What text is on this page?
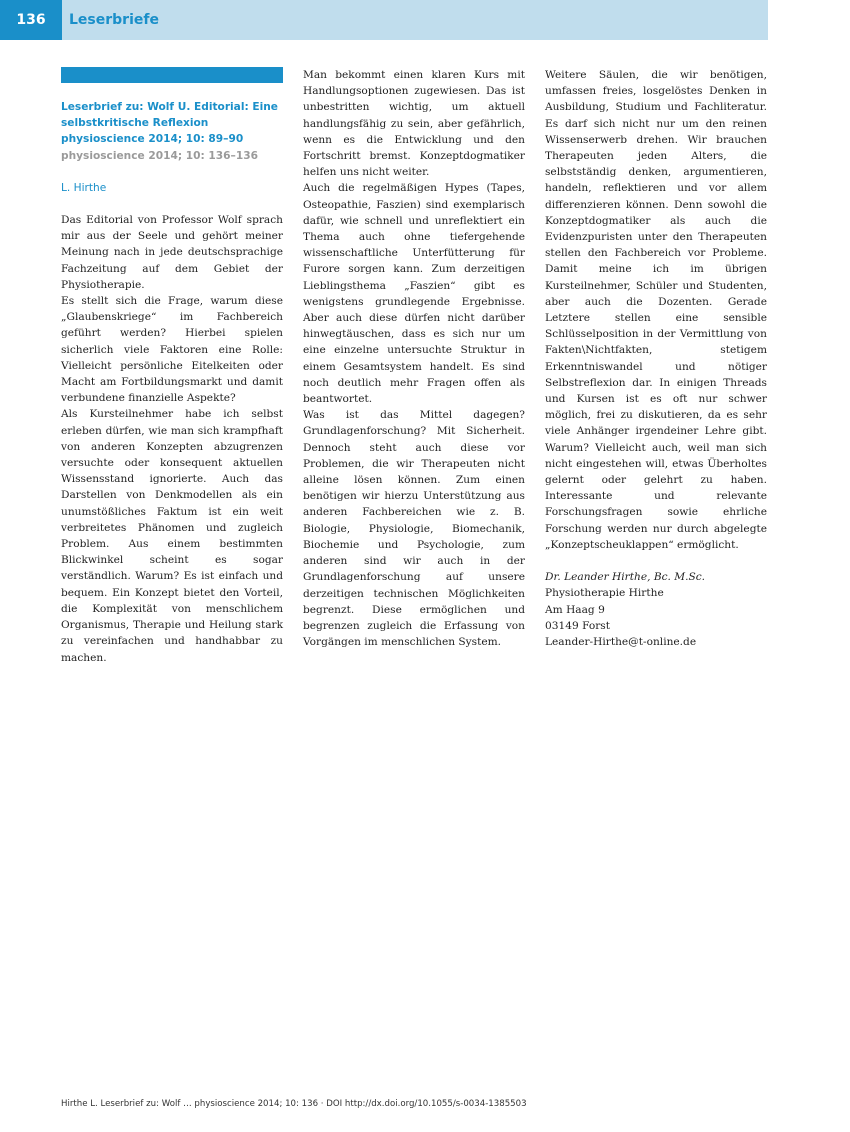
136	Leserbriefe

Leserbrief zu: Wolf U. Editorial: Eine selbstkritische Reflexion physioscience 2014; 10: 89–90

physioscience 2014; 10: 136–136

L. Hirthe

Das Editorial von Professor Wolf sprach mir aus der Seele und gehört meiner Meinung nach in jede deutschsprachige Fachzeitung auf dem Gebiet der Physiotherapie.

Es stellt sich die Frage, warum diese „Glaubenskriege“ im Fachbereich geführt werden? Hierbei spielen sicherlich viele Faktoren eine Rolle: Vielleicht persönliche Eitelkeiten oder Macht am Fortbildungsmarkt und damit verbundene finanzielle Aspekte?

Als Kursteilnehmer habe ich selbst erleben dürfen, wie man sich krampfhaft von anderen Konzepten abzugrenzen versuchte oder konsequent aktuellen Wissensstand ignorierte. Auch das Darstellen von Denkmodellen als ein unumstößliches Faktum ist ein weit verbreitetes Phänomen und zugleich Problem. Aus einem bestimmten Blickwinkel scheint es sogar verständlich. Warum? Es ist einfach und bequem. Ein Konzept bietet den Vorteil, die Komplexität von menschlichem Organismus, Therapie und Heilung stark zu vereinfachen und handhabbar zu machen.

Man bekommt einen klaren Kurs mit Handlungsoptionen zugewiesen. Das ist unbestritten wichtig, um aktuell handlungsfähig zu sein, aber gefährlich, wenn es die Entwicklung und den Fortschritt bremst. Konzeptdogmatiker helfen uns nicht weiter.

Auch die regelmäßigen Hypes (Tapes, Osteopathie, Faszien) sind exemplarisch dafür, wie schnell und unreflektiert ein Thema auch ohne tiefergehende wissenschaftliche Unterfütterung für Furore sorgen kann. Zum derzeitigen Lieblingsthema „Faszien“ gibt es wenigstens grundlegende Ergebnisse. Aber auch diese dürfen nicht darüber hinwegtäuschen, dass es sich nur um eine einzelne untersuchte Struktur in einem Gesamtsystem handelt. Es sind noch deutlich mehr Fragen offen als beantwortet.

Was ist das Mittel dagegen? Grundlagenforschung? Mit Sicherheit. Dennoch steht auch diese vor Problemen, die wir Therapeuten nicht alleine lösen können. Zum einen benötigen wir hierzu Unterstützung aus anderen Fachbereichen wie z. B. Biologie, Physiologie, Biomechanik, Biochemie und Psychologie, zum anderen sind wir auch in der Grundlagenforschung auf unsere derzeitigen technischen Möglichkeiten begrenzt. Diese ermöglichen und begrenzen zugleich die Erfassung von Vorgängen im menschlichen System.

Weitere Säulen, die wir benötigen, umfassen freies, losgelöstes Denken in Ausbildung, Studium und Fachliteratur. Es darf sich nicht nur um den reinen Wissenserwerb drehen. Wir brauchen Therapeuten jeden Alters, die selbstständig denken, argumentieren, handeln, reflektieren und vor allem differenzieren können. Denn sowohl die Konzeptdogmatiker als auch die Evidenzpuristen unter den Therapeuten stellen den Fachbereich vor Probleme. Damit meine ich im übrigen Kursteilnehmer, Schüler und Studenten, aber auch die Dozenten. Gerade Letztere stellen eine sensible Schlüsselposition in der Vermittlung von Fakten\Nichtfakten, stetigem Erkenntniswandel und nötiger Selbstreflexion dar. In einigen Threads und Kursen ist es oft nur schwer möglich, frei zu diskutieren, da es sehr viele Anhänger irgendeiner Lehre gibt. Warum? Vielleicht auch, weil man sich nicht eingestehen will, etwas Überholtes gelernt oder gelehrt zu haben. Interessante und relevante Forschungsfragen sowie ehrliche Forschung werden nur durch abgelegte „Konzeptscheuklappen“ ermöglicht.

Dr. Leander Hirthe, Bc. M.Sc.

Physiotherapie Hirthe

Am Haag 9

03149 Forst

Leander-Hirthe@t-online.de

Hirthe L. Leserbrief zu: Wolf … physioscience 2014; 10: 136 · DOI http://dx.doi.org/10.1055/s-0034-1385503
